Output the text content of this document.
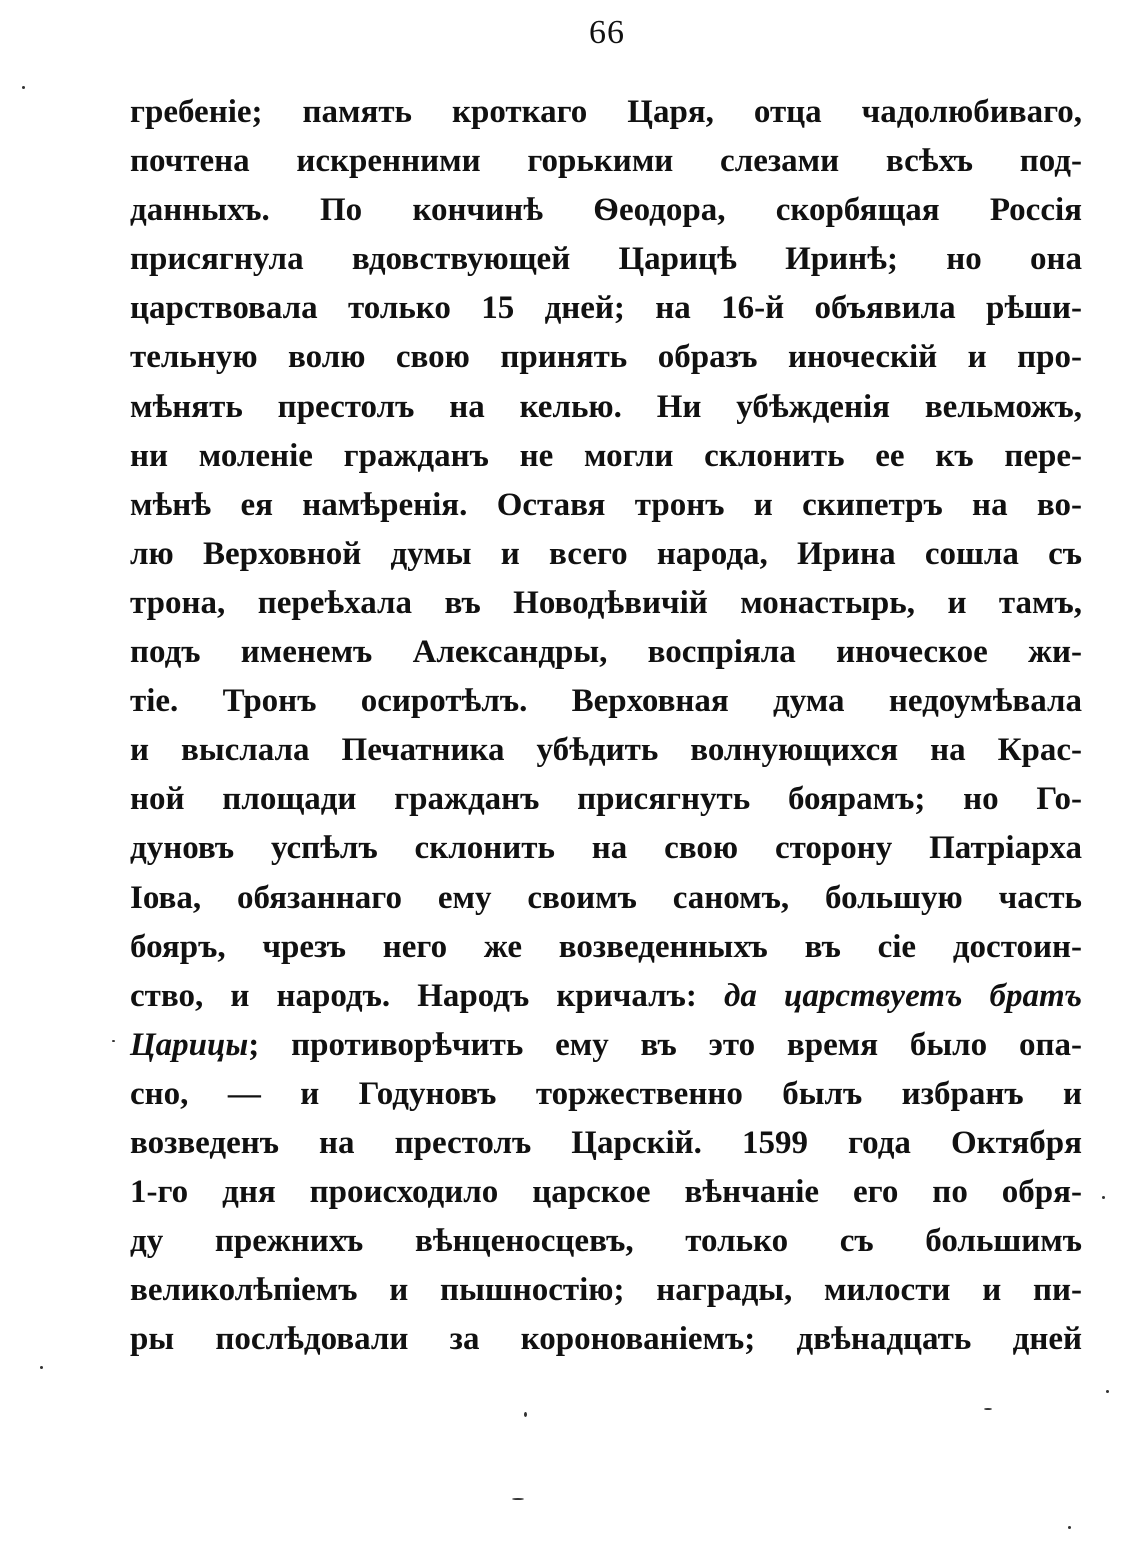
66
гребеніе; память кроткаго Царя, отца чадолюбиваго,
почтена искренними горькими слезами всѣхъ под-
данныхъ. По кончинѣ Ѳеодора, скорбящая Россія
присягнула вдовствующей Царицѣ Иринѣ; но она
царствовала только 15 дней; на 16-й объявила рѣши-
тельную волю свою принять образъ иноческій и про-
мѣнять престолъ на келью. Ни убѣжденія вельможъ,
ни моленіе гражданъ не могли склонить ее къ пере-
мѣнѣ ея намѣренія. Оставя тронъ и скипетръ на во-
лю Верховной думы и всего народа, Ирина сошла съ
трона, переѣхала въ Новодѣвичій монастырь, и тамъ,
подъ именемъ Александры, воспріяла иноческое жи-
тіе. Тронъ осиротѣлъ. Верховная дума недоумѣвала
и выслала Печатника убѣдить волнующихся на Крас-
ной площади гражданъ присягнуть боярамъ; но Го-
дуновъ успѣлъ склонить на свою сторону Патріарха
Іова, обязаннаго ему своимъ саномъ, большую часть
бояръ, чрезъ него же возведенныхъ въ сіе достоин-
ство, и народъ. Народъ кричалъ: да царствуетъ братъ
Царицы; противорѣчить ему въ это время было опа-
сно, — и Годуновъ торжественно былъ избранъ и
возведенъ на престолъ Царскій. 1599 года Октября
1-го дня происходило царское вѣнчаніе его по обря-
ду прежнихъ вѣнценосцевъ, только съ большимъ
великолѣпіемъ и пышностію; награды, милости и пи-
ры послѣдовали за коронованіемъ; двѣнадцать дней
